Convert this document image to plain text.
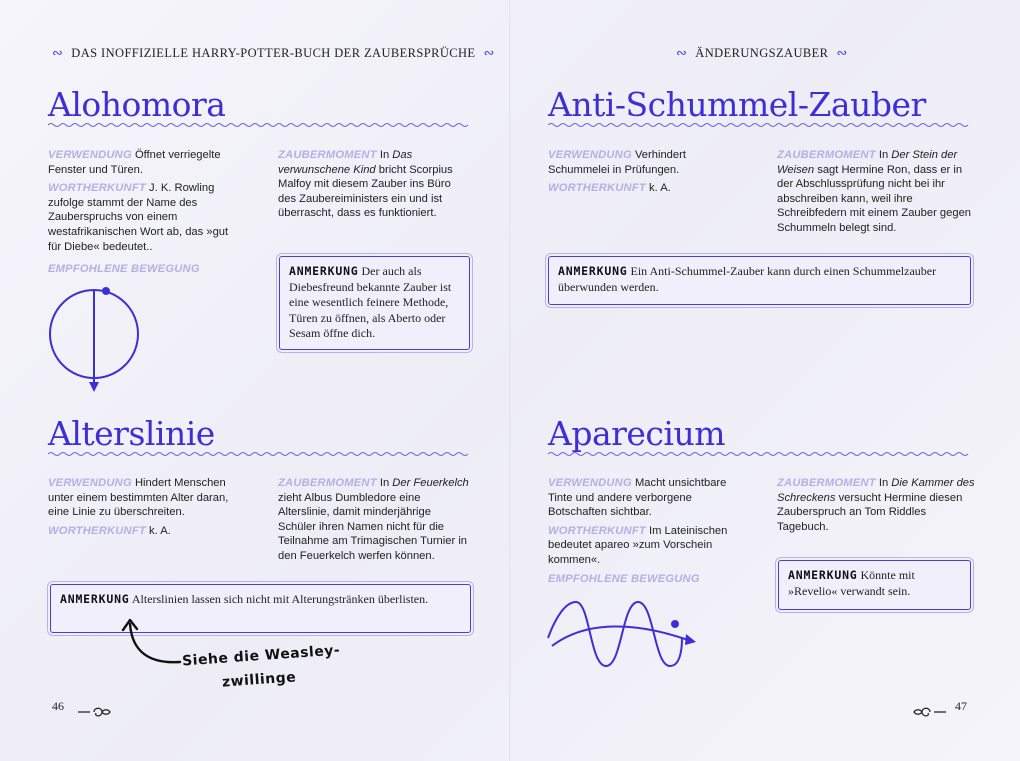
∾ DAS INOFFIZIELLE HARRY-POTTER-BUCH DER ZAUBERSPRÜCHE ∾
Alohomora

VERWENDUNG Öffnet verriegelte Fenster und Türen.

WORTHERKUNFT J. K. Rowling zufolge stammt der Name des Zauberspruchs von einem westafrikanischen Wort ab, das »gut für Diebe« bedeutet..

EMPFOHLENE BEWEGUNG

ZAUBERMOMENT In Das verwunschene Kind bricht Scorpius Malfoy mit diesem Zauber ins Büro des Zaubereiministers ein und ist überrascht, dass es funktioniert.
ANMERKUNG Der auch als Diebesfreund bekannte Zauber ist eine wesentlich feinere Methode, Türen zu öffnen, als Aberto oder Sesam öffne dich.
Alterslinie

VERWENDUNG Hindert Menschen unter einem bestimmten Alter daran, eine Linie zu überschreiten.

WORTHERKUNFT k. A.

ZAUBERMOMENT In Der Feuerkelch zieht Albus Dumbledore eine Alterslinie, damit minderjährige Schüler ihren Namen nicht für die Teilnahme am Trimagischen Turnier in den Feuerkelch werfen können.
ANMERKUNG Alterslinien lassen sich nicht mit Alterungstränken überlisten.
Siehe die Weasley-
zwillinge
46
∾ ÄNDERUNGSZAUBER ∾
Anti-Schummel-Zauber

VERWENDUNG Verhindert Schummelei in Prüfungen.

WORTHERKUNFT k. A.

ZAUBERMOMENT In Der Stein der Weisen sagt Hermine Ron, dass er in der Abschlussprüfung nicht bei ihr abschreiben kann, weil ihre Schreibfedern mit einem Zauber gegen Schummeln belegt sind.
ANMERKUNG Ein Anti-Schummel-Zauber kann durch einen Schummelzauber überwunden werden.
Aparecium

VERWENDUNG Macht unsichtbare Tinte und andere verborgene Botschaften sichtbar.

WORTHERKUNFT Im Lateinischen bedeutet apareo »zum Vorschein kommen«.

EMPFOHLENE BEWEGUNG

ZAUBERMOMENT In Die Kammer des Schreckens versucht Hermine diesen Zauberspruch an Tom Riddles Tagebuch.
ANMERKUNG Könnte mit »Revelio« verwandt sein.
47
